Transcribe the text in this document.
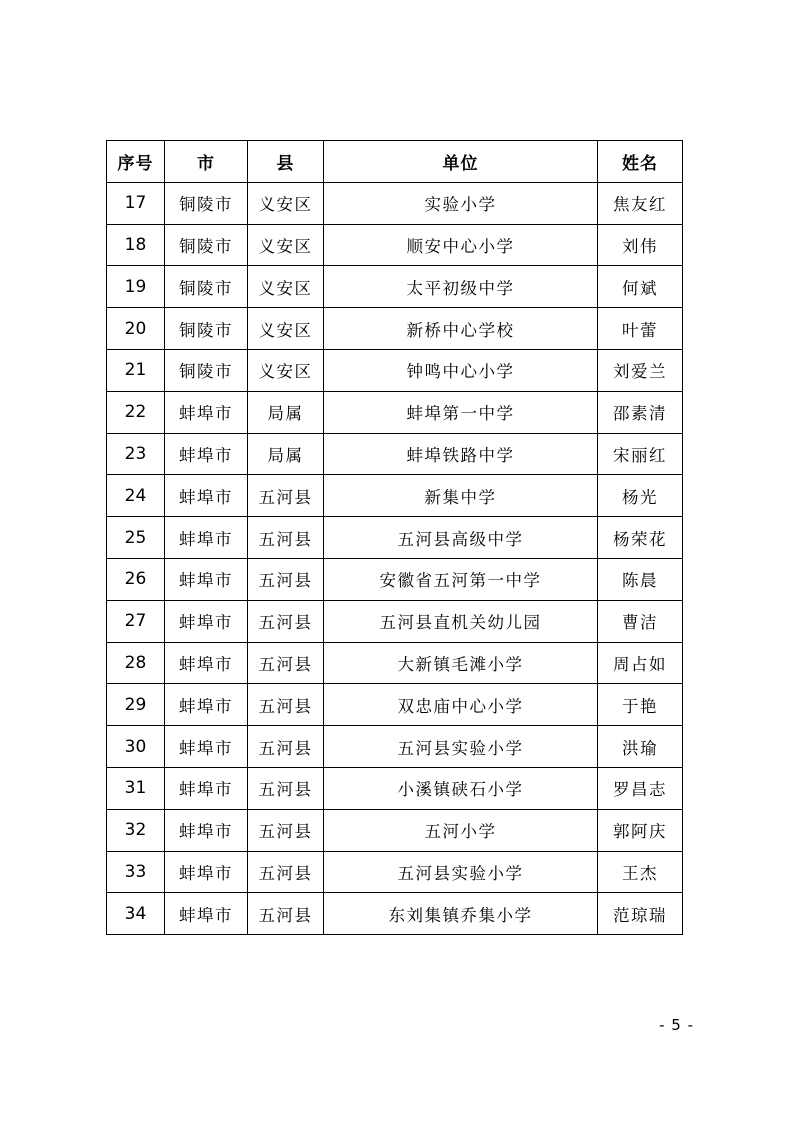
序号	市	县	单位	姓名
17	铜陵市	义安区	实验小学	焦友红
18	铜陵市	义安区	顺安中心小学	刘伟
19	铜陵市	义安区	太平初级中学	何斌
20	铜陵市	义安区	新桥中心学校	叶蕾
21	铜陵市	义安区	钟鸣中心小学	刘爱兰
22	蚌埠市	局属	蚌埠第一中学	邵素清
23	蚌埠市	局属	蚌埠铁路中学	宋丽红
24	蚌埠市	五河县	新集中学	杨光
25	蚌埠市	五河县	五河县高级中学	杨荣花
26	蚌埠市	五河县	安徽省五河第一中学	陈晨
27	蚌埠市	五河县	五河县直机关幼儿园	曹洁
28	蚌埠市	五河县	大新镇毛滩小学	周占如
29	蚌埠市	五河县	双忠庙中心小学	于艳
30	蚌埠市	五河县	五河县实验小学	洪瑜
31	蚌埠市	五河县	小溪镇硖石小学	罗昌志
32	蚌埠市	五河县	五河小学	郭阿庆
33	蚌埠市	五河县	五河县实验小学	王杰
34	蚌埠市	五河县	东刘集镇乔集小学	范琼瑞
- 5 -
